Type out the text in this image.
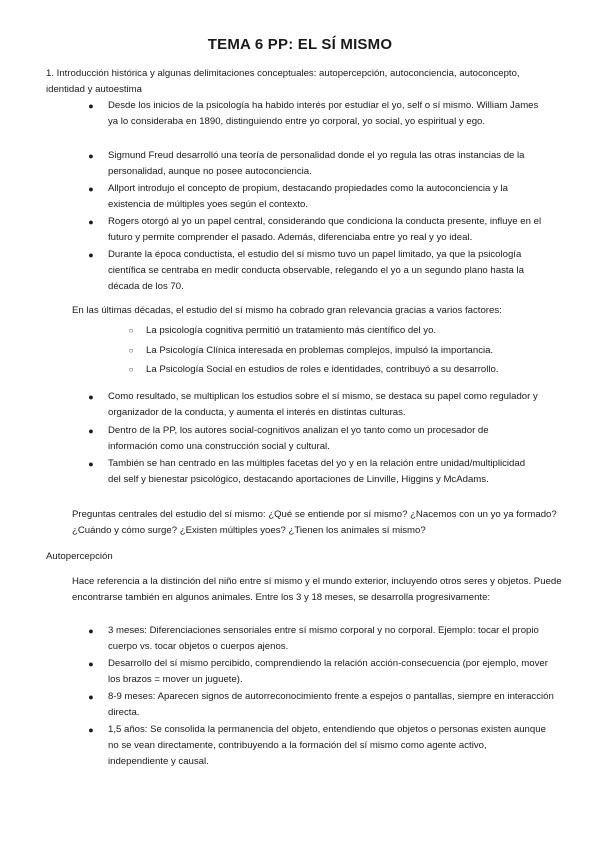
TEMA 6 PP: EL SÍ MISMO

1. Introducción histórica y algunas delimitaciones conceptuales: autopercepción, autoconciencia, autoconcepto, identidad y autoestima

● Desde los inicios de la psicología ha habido interés por estudiar el yo, self o sí mismo. William James ya lo consideraba en 1890, distinguiendo entre yo corporal, yo social, yo espiritual y ego.

● Sigmund Freud desarrolló una teoría de personalidad donde el yo regula las otras instancias de la personalidad, aunque no posee autoconciencia.

● Allport introdujo el concepto de propium, destacando propiedades como la autoconciencia y la existencia de múltiples yoes según el contexto.

● Rogers otorgó al yo un papel central, considerando que condiciona la conducta presente, influye en el futuro y permite comprender el pasado. Además, diferenciaba entre yo real y yo ideal.

● Durante la época conductista, el estudio del sí mismo tuvo un papel limitado, ya que la psicología científica se centraba en medir conducta observable, relegando el yo a un segundo plano hasta la década de los 70.

En las últimas décadas, el estudio del sí mismo ha cobrado gran relevancia gracias a varios factores:

○ La psicología cognitiva permitió un tratamiento más científico del yo.

○ La Psicología Clínica interesada en problemas complejos, impulsó la importancia.

○ La Psicología Social en estudios de roles e identidades, contribuyó a su desarrollo.

● Como resultado, se multiplican los estudios sobre el sí mismo, se destaca su papel como regulador y organizador de la conducta, y aumenta el interés en distintas culturas.

● Dentro de la PP, los autores social-cognitivos analizan el yo tanto como un procesador de información como una construcción social y cultural.

● También se han centrado en las múltiples facetas del yo y en la relación entre unidad/multiplicidad del self y bienestar psicológico, destacando aportaciones de Linville, Higgins y McAdams.

Preguntas centrales del estudio del sí mismo: ¿Qué se entiende por sí mismo? ¿Nacemos con un yo ya formado? ¿Cuándo y cómo surge? ¿Existen múltiples yoes? ¿Tienen los animales sí mismo?

Autopercepción

Hace referencia a la distinción del niño entre sí mismo y el mundo exterior, incluyendo otros seres y objetos. Puede encontrarse también en algunos animales. Entre los 3 y 18 meses, se desarrolla progresivamente:

● 3 meses: Diferenciaciones sensoriales entre sí mismo corporal y no corporal. Ejemplo: tocar el propio cuerpo vs. tocar objetos o cuerpos ajenos.

● Desarrollo del sí mismo percibido, comprendiendo la relación acción-consecuencia (por ejemplo, mover los brazos = mover un juguete).

● 8-9 meses: Aparecen signos de autorreconocimiento frente a espejos o pantallas, siempre en interacción directa.

● 1,5 años: Se consolida la permanencia del objeto, entendiendo que objetos o personas existen aunque no se vean directamente, contribuyendo a la formación del sí mismo como agente activo, independiente y causal.
